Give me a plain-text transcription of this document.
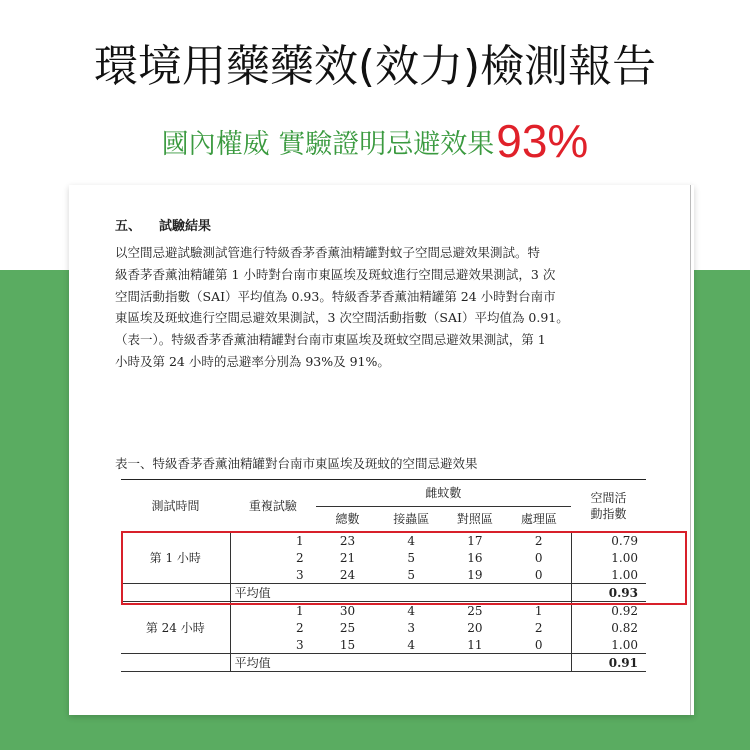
環境用藥藥效(效力)檢測報告
國內權威 實驗證明忌避效果93%
五、 試驗結果
以空間忌避試驗測試管進行特級香茅香薰油精罐對蚊子空間忌避效果測試。特
級香茅香薰油精罐第 1 小時對台南市東區埃及斑蚊進行空間忌避效果測試，3 次
空間活動指數（SAI）平均值為 0.93。特級香茅香薰油精罐第 24 小時對台南市
東區埃及斑蚊進行空間忌避效果測試，3 次空間活動指數（SAI）平均值為 0.91。
（表一）。特級香茅香薰油精罐對台南市東區埃及斑蚊空間忌避效果測試，第 1
小時及第 24 小時的忌避率分別為 93%及 91%。
表一、特級香茅香薰油精罐對台南市東區埃及斑蚊的空間忌避效果
測試時間	重複試驗	雌蚊數				空間活
動指數
		總數	接蟲區	對照區	處理區	
第 1 小時	1	23	4	17	2	0.79
	2	21	5	16	0	1.00
	3	24	5	19	0	1.00
	平均值					0.93
第 24 小時	1	30	4	25	1	0.92
	2	25	3	20	2	0.82
	3	15	4	11	0	1.00
	平均值					0.91
